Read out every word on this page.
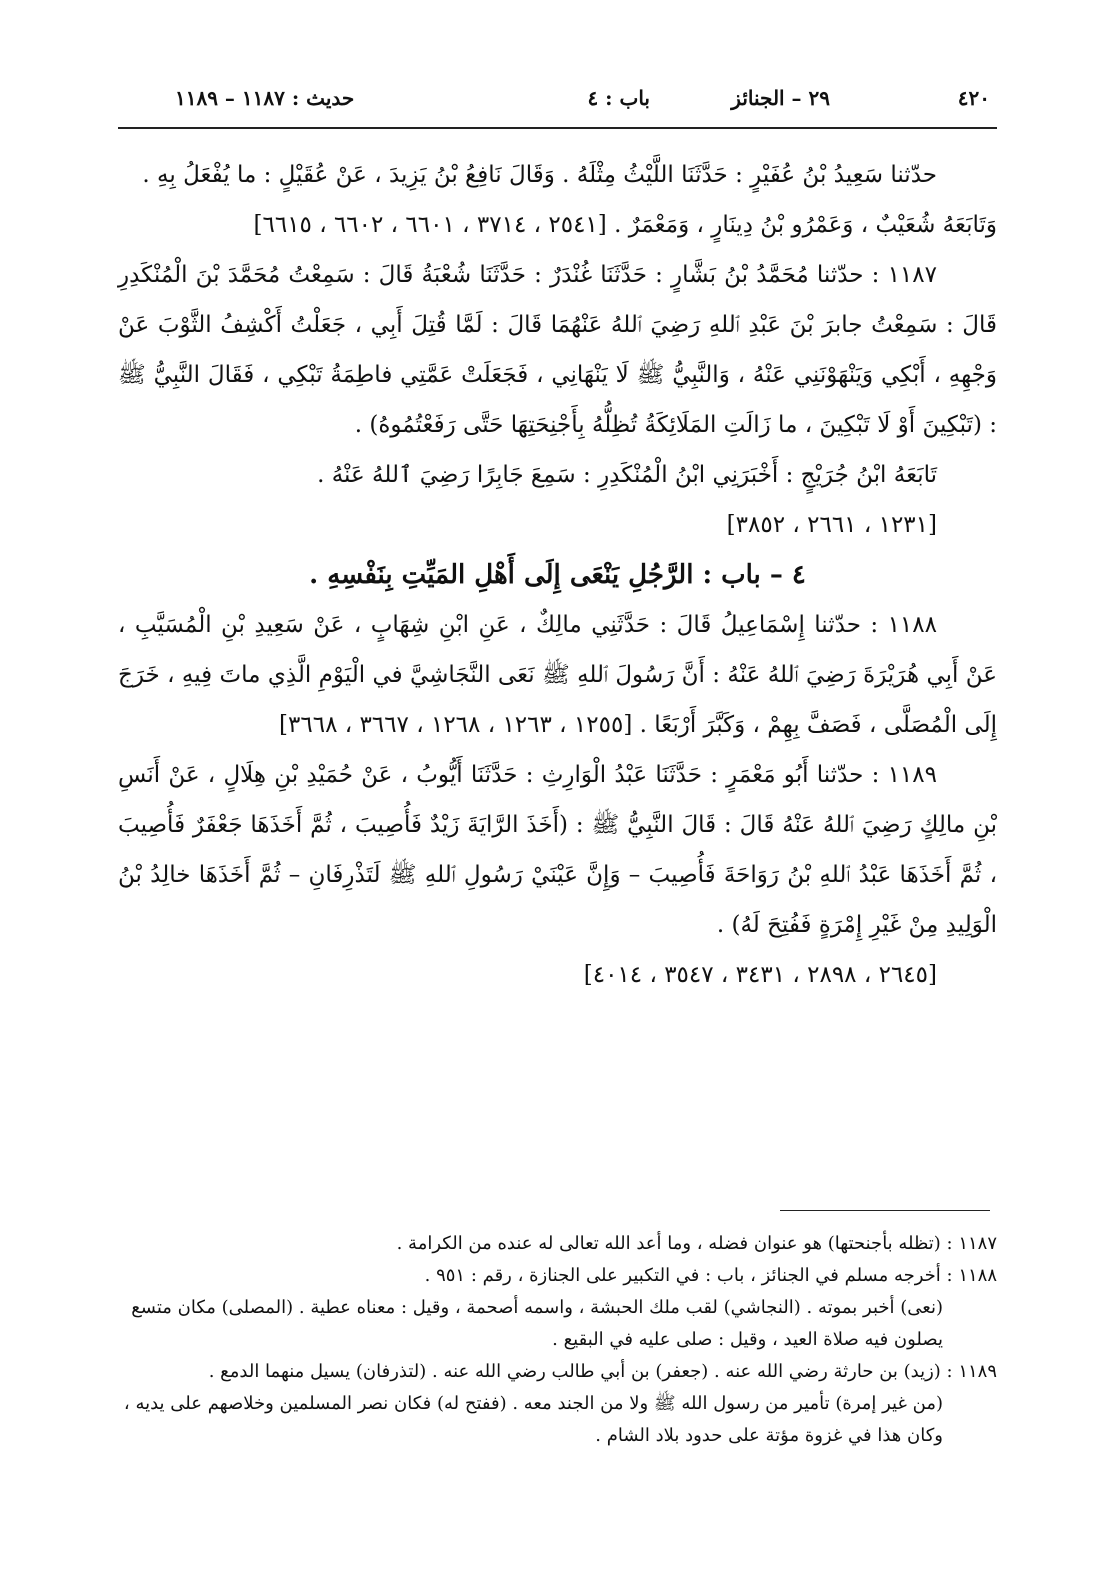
٤٢٠
٢٩ – الجنائز
باب : ٤
حديث : ١١٨٧ – ١١٨٩

حدّثنا سَعِيدُ بْنُ عُفَيْرٍ : حَدَّثَنَا اللَّيْثُ مِثْلَهُ . وَقَالَ نَافِعُ بْنُ يَزِيدَ ، عَنْ عُقَيْلٍ : ما يُفْعَلُ بِهِ .

وَتَابَعَهُ شُعَيْبٌ ، وَعَمْرُو بْنُ دِينَارٍ ، وَمَعْمَرٌ . [٢٥٤١ ، ٣٧١٤ ، ٦٦٠١ ، ٦٦٠٢ ، ٦٦١٥]

١١٨٧ : حدّثنا مُحَمَّدُ بْنُ بَشَّارٍ : حَدَّثَنَا غُنْدَرٌ : حَدَّثَنَا شُعْبَةُ قَالَ : سَمِعْتُ مُحَمَّدَ بْنَ الْمُنْكَدِرِ قَالَ : سَمِعْتُ جابرَ بْنَ عَبْدِ ٱللهِ رَضِيَ ٱللهُ عَنْهُمَا قَالَ : لَمَّا قُتِلَ أَبِي ، جَعَلْتُ أَكْشِفُ الثَّوْبَ عَنْ وَجْهِهِ ، أَبْكِي وَيَنْهَوْنَنِي عَنْهُ ، وَالنَّبِيُّ ﷺ لَا يَنْهَانِي ، فَجَعَلَتْ عَمَّتِي فاطِمَةُ تَبْكِي ، فَقَالَ النَّبِيُّ ﷺ : (تَبْكِينَ أَوْ لَا تَبْكِينَ ، ما زَالَتِ المَلَائِكَةُ تُظِلُّهُ بِأَجْنِحَتِهَا حَتَّى رَفَعْتُمُوهُ) .

تَابَعَهُ ابْنُ جُرَيْجٍ : أَخْبَرَنِي ابْنُ الْمُنْكَدِرِ : سَمِعَ جَابِرًا رَضِيَ ٱللهُ عَنْهُ .

[١٢٣١ ، ٢٦٦١ ، ٣٨٥٢]

٤ – باب : الرَّجُلِ يَنْعَى إِلَى أَهْلِ المَيِّتِ بِنَفْسِهِ .

١١٨٨ : حدّثنا إِسْمَاعِيلُ قَالَ : حَدَّثَنِي مالِكٌ ، عَنِ ابْنِ شِهَابٍ ، عَنْ سَعِيدِ بْنِ الْمُسَيَّبِ ، عَنْ أَبِي هُرَيْرَةَ رَضِيَ ٱللهُ عَنْهُ : أَنَّ رَسُولَ ٱللهِ ﷺ نَعَى النَّجَاشِيَّ في الْيَوْمِ الَّذِي ماتَ فِيهِ ، خَرَجَ إِلَى الْمُصَلَّى ، فَصَفَّ بِهِمْ ، وَكَبَّرَ أَرْبَعًا . [١٢٥٥ ، ١٢٦٣ ، ١٢٦٨ ، ٣٦٦٧ ، ٣٦٦٨]

١١٨٩ : حدّثنا أَبُو مَعْمَرٍ : حَدَّثَنَا عَبْدُ الْوَارِثِ : حَدَّثَنَا أَيُّوبُ ، عَنْ حُمَيْدِ بْنِ هِلَالٍ ، عَنْ أَنَسِ بْنِ مالِكٍ رَضِيَ ٱللهُ عَنْهُ قَالَ : قَالَ النَّبِيُّ ﷺ : (أَخَذَ الرَّايَةَ زَيْدٌ فَأُصِيبَ ، ثُمَّ أَخَذَهَا جَعْفَرٌ فَأُصِيبَ ، ثُمَّ أَخَذَهَا عَبْدُ ٱللهِ بْنُ رَوَاحَةَ فَأُصِيبَ – وَإِنَّ عَيْنَيْ رَسُولِ ٱللهِ ﷺ لَتَذْرِفَانِ – ثُمَّ أَخَذَهَا خالِدُ بْنُ الْوَلِيدِ مِنْ غَيْرِ إِمْرَةٍ فَفُتِحَ لَهُ) .

[٢٦٤٥ ، ٢٨٩٨ ، ٣٤٣١ ، ٣٥٤٧ ، ٤٠١٤]

١١٨٧ : (تظله بأجنحتها) هو عنوان فضله ، وما أعد الله تعالى له عنده من الكرامة .

١١٨٨ : أخرجه مسلم في الجنائز ، باب : في التكبير على الجنازة ، رقم : ٩٥١ .

(نعى) أخبر بموته . (النجاشي) لقب ملك الحبشة ، واسمه أصحمة ، وقيل : معناه عطية . (المصلى) مكان متسع يصلون فيه صلاة العيد ، وقيل : صلى عليه في البقيع .

١١٨٩ : (زيد) بن حارثة رضي الله عنه . (جعفر) بن أبي طالب رضي الله عنه . (لتذرفان) يسيل منهما الدمع .

(من غير إمرة) تأمير من رسول الله ﷺ ولا من الجند معه . (ففتح له) فكان نصر المسلمين وخلاصهم على يديه ، وكان هذا في غزوة مؤتة على حدود بلاد الشام .
